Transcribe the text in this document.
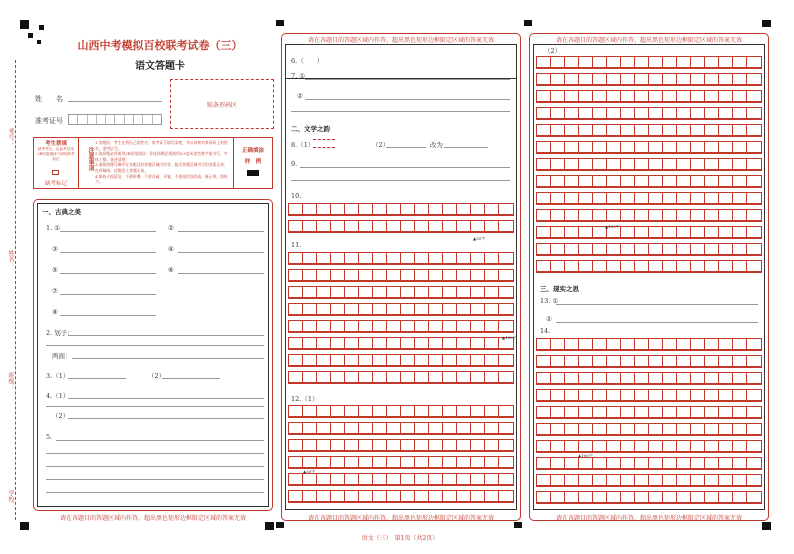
考号：
姓名：
班级：
学校：
山西中考模拟百校联考试卷（三）
语文答题卡
姓　　名
准考证号
贴条形码区
考生禁填
缺考考生，由监考员用2B铅笔填涂下面的缺考标记
缺考标记
注意事项
1.答题前，考生先将自己的姓名、准考证号填写清楚，并认真核对条形码上的姓名、准考证号。
2.选择题必须使用2B铅笔填涂；非选择题必须使用0.5毫米黑色签字笔书写，字体工整、笔迹清楚。
3.请按照题号顺序在各题目的答题区域内作答，超出答题区域书写的答案无效；在草稿纸、试题卷上答题无效。
4.保持卡面清洁，不要折叠、不要弄破、弄皱，不准使用涂改液、修正带、刮纸刀。
正确填涂
样　例
一、古典之美
1. ①	②
③	④
⑤	⑥
⑦
⑧
2. 划子：
两面：
3.（1）	（2）
4.（1）
（2）
5.
请在各题目的答题区域内作答，超出黑色矩形边框限定区域的答案无效
请在各题目的答题区域内作答，超出黑色矩形边框限定区域的答案无效
6.（　　）
7. ①
②
二、文学之韵
8.（1）	（2）	改为
9.
10.
▲50字
11.
▲100字
12.（1）
▲50字
请在各题目的答题区域内作答，超出黑色矩形边框限定区域的答案无效
请在各题目的答题区域内作答，超出黑色矩形边框限定区域的答案无效
（2）
▲150字
三、现实之思
13. ①
②
14.
▲100字
请在各题目的答题区域内作答，超出黑色矩形边框限定区域的答案无效
语文（三）　第1页（共2页）
